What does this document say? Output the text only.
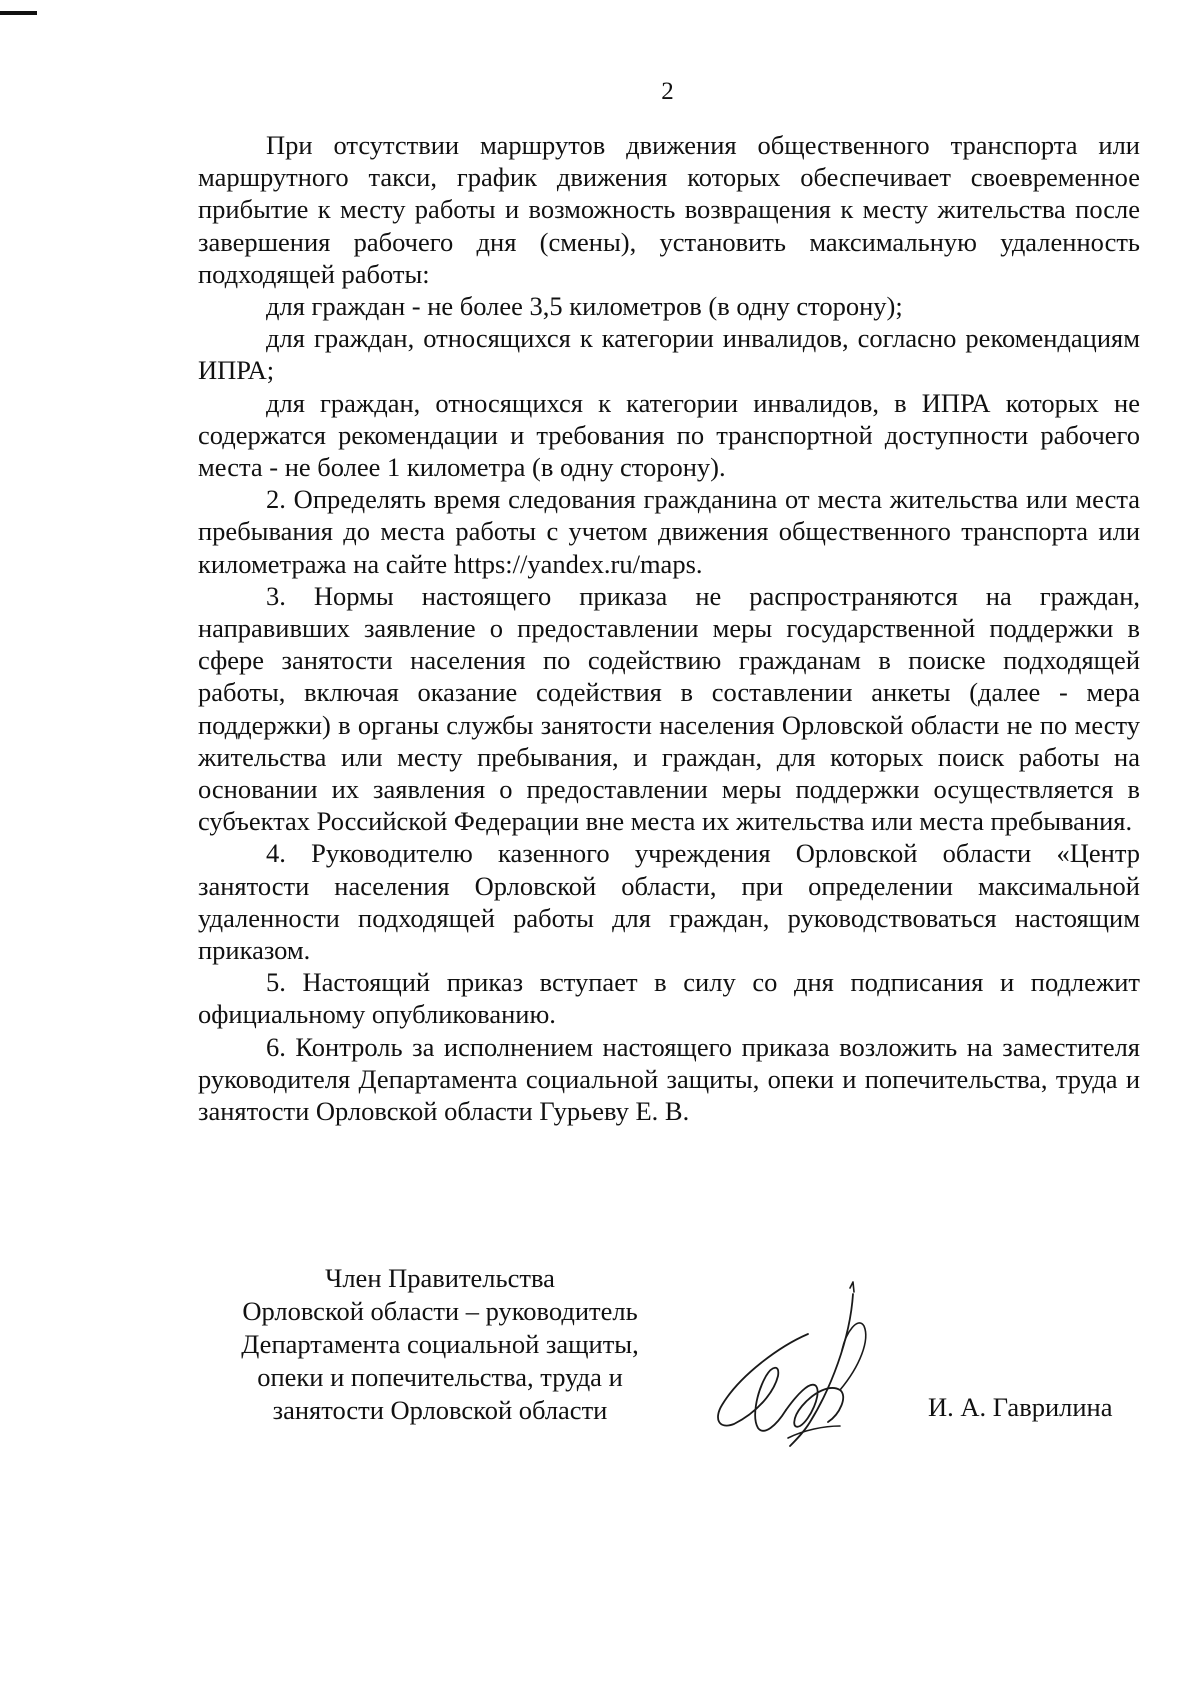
2

При отсутствии маршрутов движения общественного транспорта или маршрутного такси, график движения которых обеспечивает своевременное прибытие к месту работы и возможность возвращения к месту жительства после завершения рабочего дня (смены), установить максимальную удаленность подходящей работы:

для граждан - не более 3,5 километров (в одну сторону);

для граждан, относящихся к категории инвалидов, согласно рекомендациям ИПРА;

для граждан, относящихся к категории инвалидов, в ИПРА которых не содержатся рекомендации и требования по транспортной доступности рабочего места - не более 1 километра (в одну сторону).

2. Определять время следования гражданина от места жительства или места пребывания до места работы с учетом движения общественного транспорта или километража на сайте https://yandex.ru/maps.

3. Нормы настоящего приказа не распространяются на граждан, направивших заявление о предоставлении меры государственной поддержки в сфере занятости населения по содействию гражданам в поиске подходящей работы, включая оказание содействия в составлении анкеты (далее - мера поддержки) в органы службы занятости населения Орловской области не по месту жительства или месту пребывания, и граждан, для которых поиск работы на основании их заявления о предоставлении меры поддержки осуществляется в субъектах Российской Федерации вне места их жительства или места пребывания.

4. Руководителю казенного учреждения Орловской области «Центр занятости населения Орловской области, при определении максимальной удаленности подходящей работы для граждан, руководствоваться настоящим приказом.

5. Настоящий приказ вступает в силу со дня подписания и подлежит официальному опубликованию.

6. Контроль за исполнением настоящего приказа возложить на заместителя руководителя Департамента социальной защиты, опеки и попечительства, труда и занятости Орловской области Гурьеву Е. В.

Член Правительства
Орловской области – руководитель
Департамента социальной защиты,
опеки и попечительства, труда и
занятости Орловской области	И. А. Гаврилина
